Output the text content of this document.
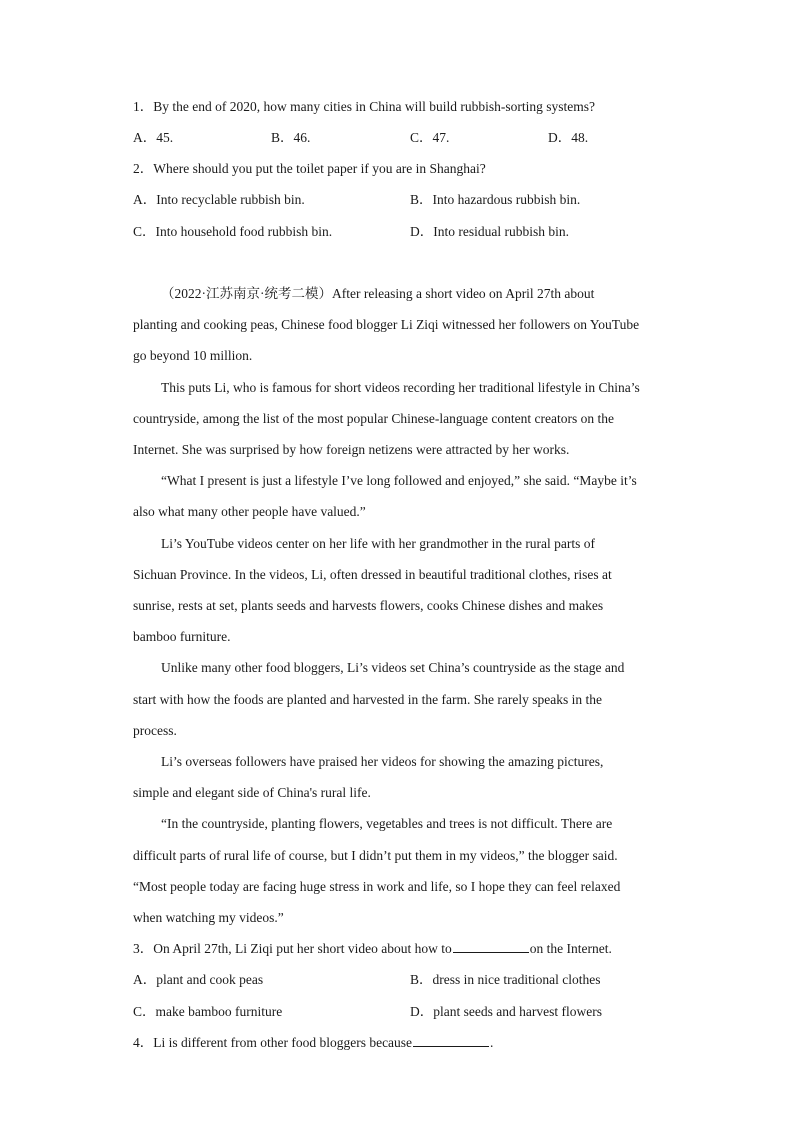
1．By the end of 2020, how many cities in China will build rubbish-sorting systems?
A．45.	B．46.	C．47.	D．48.
2．Where should you put the toilet paper if you are in Shanghai?
A．Into recyclable rubbish bin.	B．Into hazardous rubbish bin.
C．Into household food rubbish bin.	D．Into residual rubbish bin.
（2022·江苏南京·统考二模）After releasing a short video on April 27th about
planting and cooking peas, Chinese food blogger Li Ziqi witnessed her followers on YouTube
go beyond 10 million.
This puts Li, who is famous for short videos recording her traditional lifestyle in China’s
countryside, among the list of the most popular Chinese-language content creators on the
Internet. She was surprised by how foreign netizens were attracted by her works.
“What I present is just a lifestyle I’ve long followed and enjoyed,” she said. “Maybe it’s
also what many other people have valued.”
Li’s YouTube videos center on her life with her grandmother in the rural parts of
Sichuan Province. In the videos, Li, often dressed in beautiful traditional clothes, rises at
sunrise, rests at set, plants seeds and harvests flowers, cooks Chinese dishes and makes
bamboo furniture.
Unlike many other food bloggers, Li’s videos set China’s countryside as the stage and
start with how the foods are planted and harvested in the farm. She rarely speaks in the
process.
Li’s overseas followers have praised her videos for showing the amazing pictures,
simple and elegant side of China's rural life.
“In the countryside, planting flowers, vegetables and trees is not difficult. There are
difficult parts of rural life of course, but I didn’t put them in my videos,” the blogger said.
“Most people today are facing huge stress in work and life, so I hope they can feel relaxed
when watching my videos.”
3．On April 27th, Li Ziqi put her short video about how to	on the Internet.
A．plant and cook peas	B．dress in nice traditional clothes
C．make bamboo furniture	D．plant seeds and harvest flowers
4．Li is different from other food bloggers because	.
